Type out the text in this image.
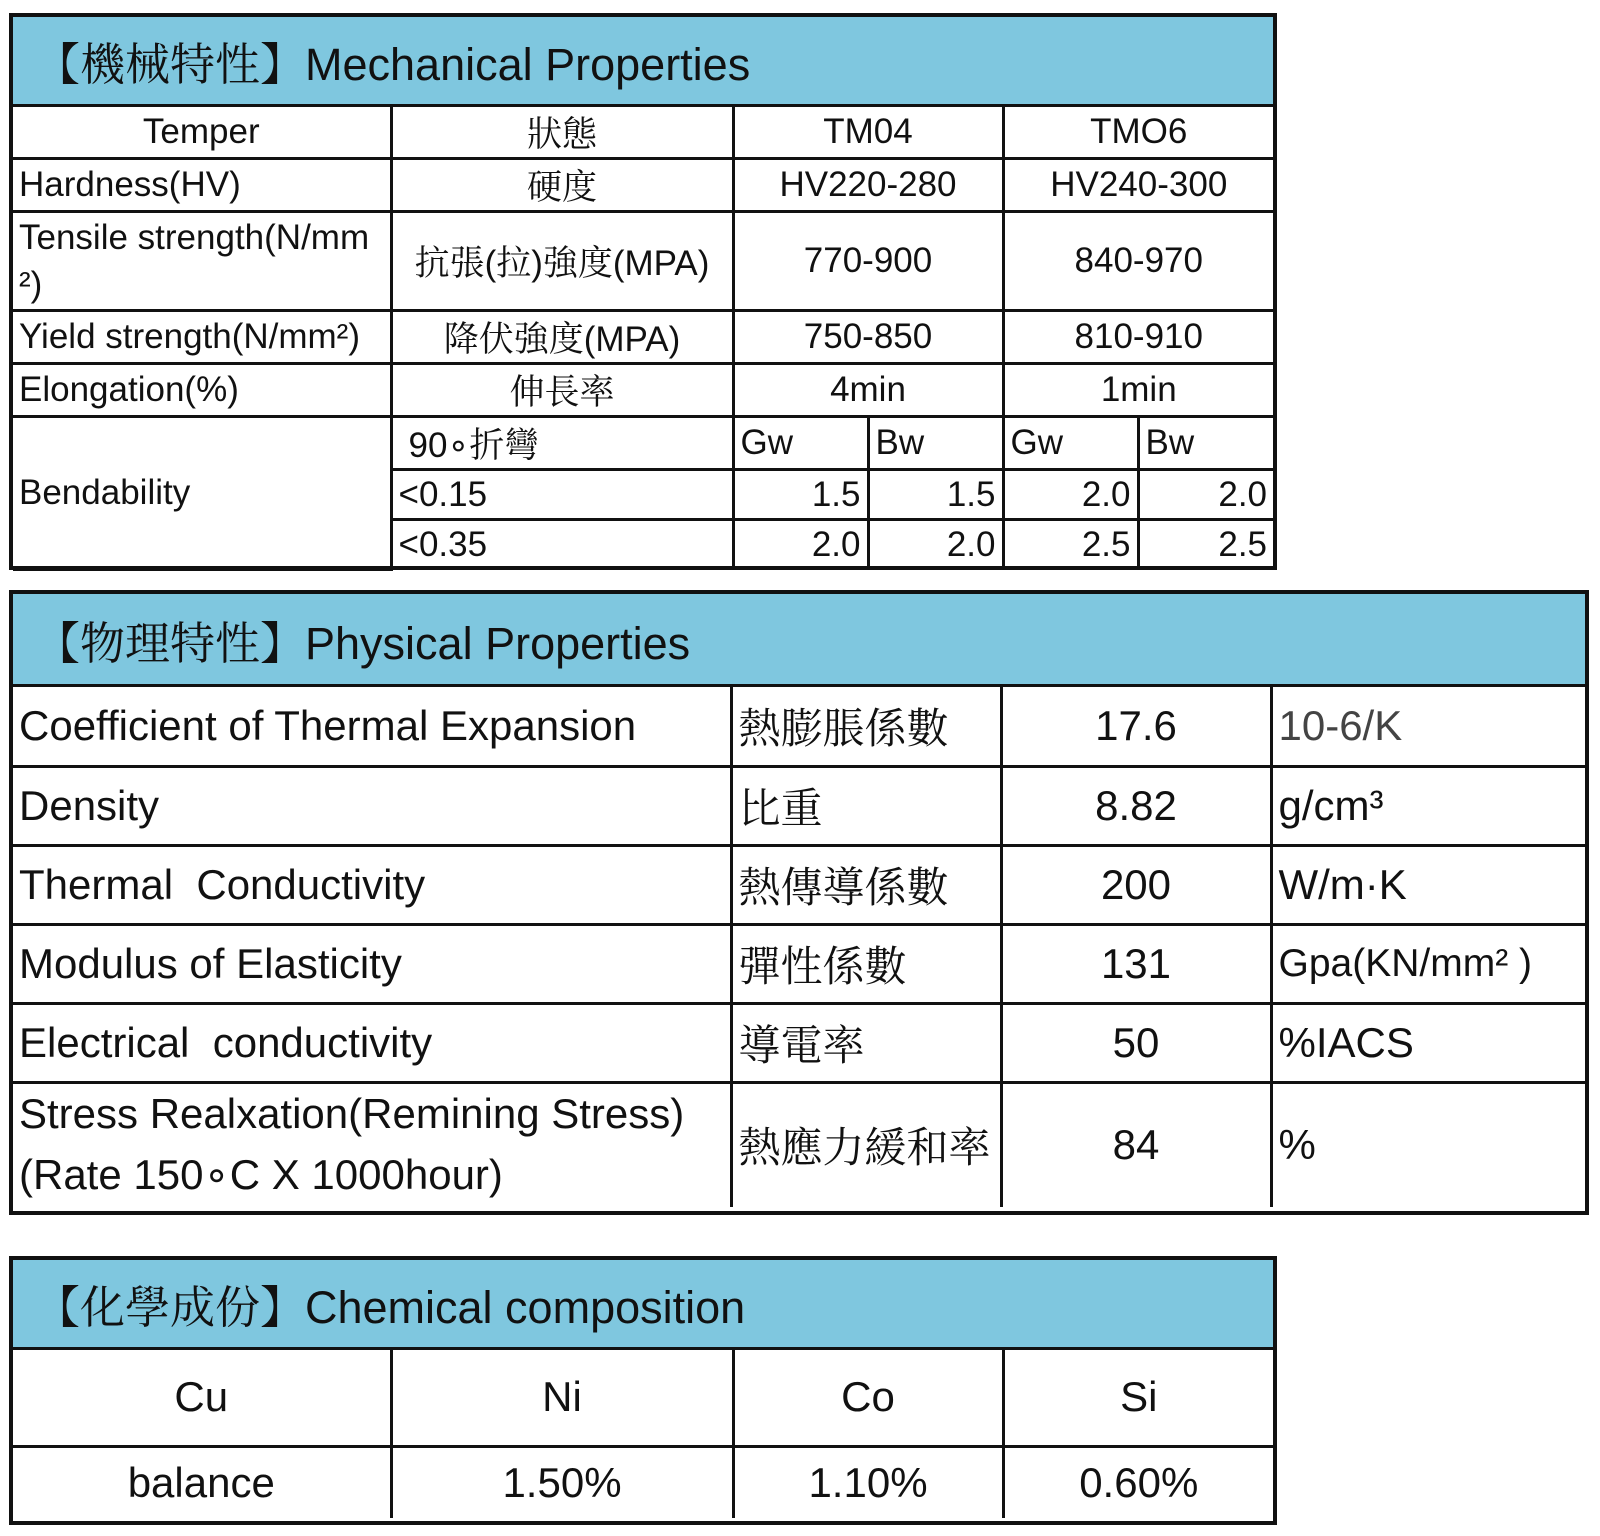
【機械特性】Mechanical Properties
Temper	狀態	TM04		TMO6	
Hardness(HV)	硬度	HV220-280		HV240-300	
Tensile strength(N/mm²)	抗張(拉)強度(MPA)	770-900		840-970	
Yield strength(N/mm²)	降伏強度(MPA)	750-850		810-910	
Elongation(%)	伸長率	4min		1min	
Bendability	90∘折彎	Gw	Bw	Gw	Bw
	<0.15	1.5	1.5	2.0	2.0
	<0.35	2.0	2.0	2.5	2.5
【物理特性】Physical Properties
Coefficient of Thermal Expansion	熱膨脹係數	17.6	10-6/K
Density	比重	8.82	g/cm³
Thermal  Conductivity	熱傳導係數	200	W/m·K
Modulus of Elasticity	彈性係數	131	Gpa(KN/mm² )
Electrical  conductivity	導電率	50	%IACS
Stress Realxation(Remining Stress)(Rate 150∘C X 1000hour)	熱應力緩和率	84	%
【化學成份】Chemical composition
Cu	Ni	Co	Si
balance	1.50%	1.10%	0.60%
